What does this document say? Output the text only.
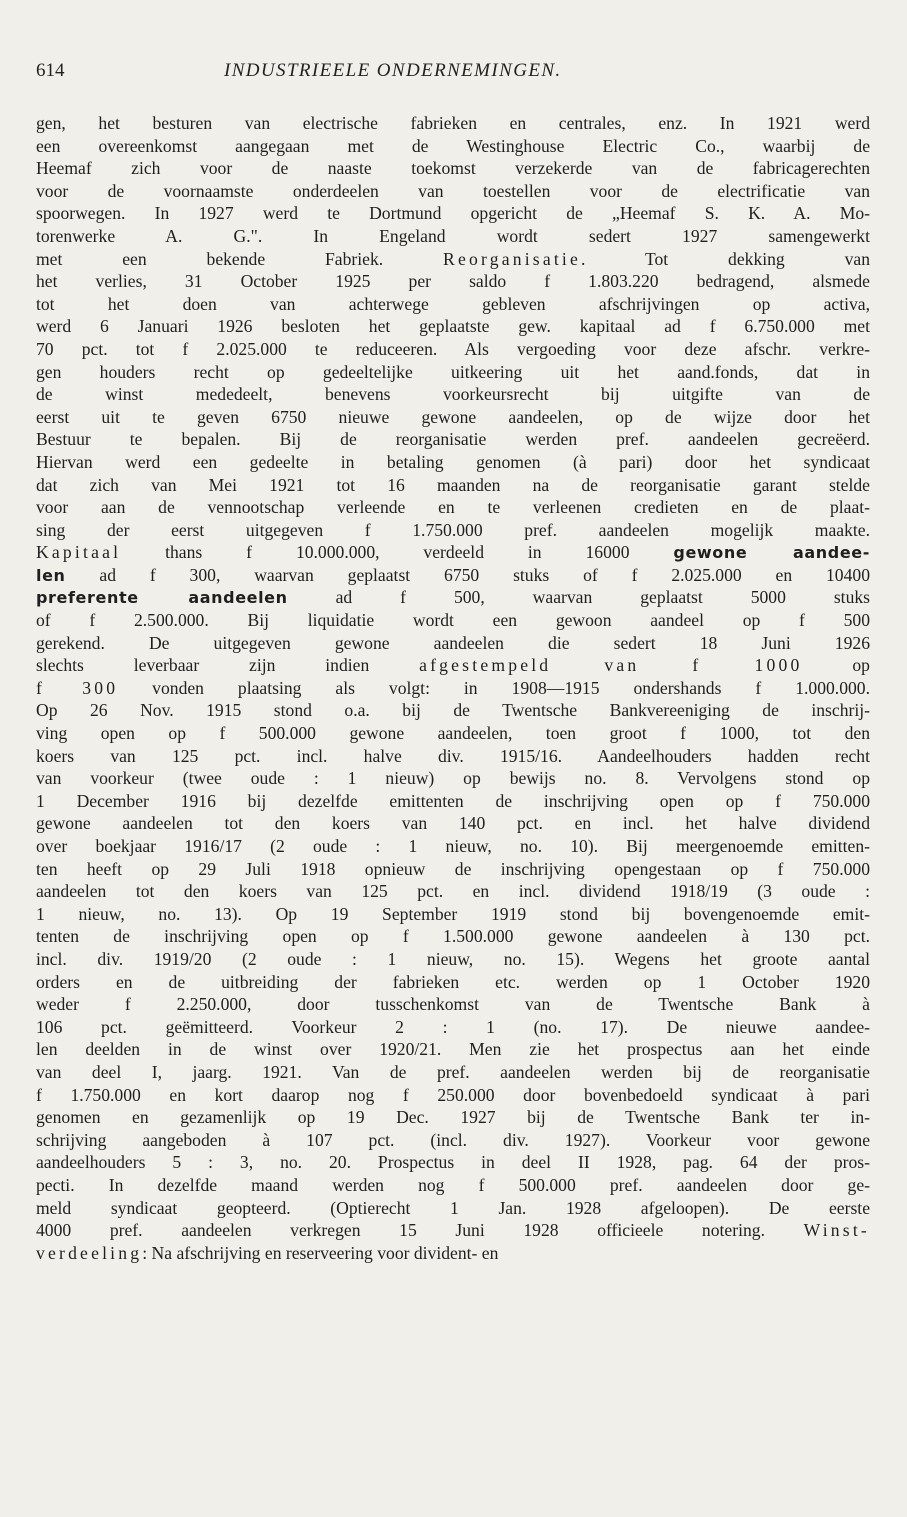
614	INDUSTRIEELE ONDERNEMINGEN.
gen, het besturen van electrische fabrieken en centrales, enz. In 1921 werd
een overeenkomst aangegaan met de Westinghouse Electric Co., waarbij de
Heemaf zich voor de naaste toekomst verzekerde van de fabricagerechten
voor de voornaamste onderdeelen van toestellen voor de electrificatie van
spoorwegen. In 1927 werd te Dortmund opgericht de „Heemaf S. K. A. Mo-
torenwerke A. G.". In Engeland wordt sedert 1927 samengewerkt
met een bekende Fabriek. Reorganisatie. Tot dekking van
het verlies, 31 October 1925 per saldo f 1.803.220 bedragend, alsmede
tot het doen van achterwege gebleven afschrijvingen op activa,
werd 6 Januari 1926 besloten het geplaatste gew. kapitaal ad f 6.750.000 met
70 pct. tot f 2.025.000 te reduceeren. Als vergoeding voor deze afschr. verkre-
gen houders recht op gedeeltelijke uitkeering uit het aand.fonds, dat in
de winst mededeelt, benevens voorkeursrecht bij uitgifte van de
eerst uit te geven 6750 nieuwe gewone aandeelen, op de wijze door het
Bestuur te bepalen. Bij de reorganisatie werden pref. aandeelen gecreëerd.
Hiervan werd een gedeelte in betaling genomen (à pari) door het syndicaat
dat zich van Mei 1921 tot 16 maanden na de reorganisatie garant stelde
voor aan de vennootschap verleende en te verleenen credieten en de plaat-
sing der eerst uitgegeven f 1.750.000 pref. aandeelen mogelijk maakte.
Kapitaal thans f 10.000.000, verdeeld in 16000 gewone aandee-
len ad f 300, waarvan geplaatst 6750 stuks of f 2.025.000 en 10400
preferente aandeelen ad f 500, waarvan geplaatst 5000 stuks
of f 2.500.000. Bij liquidatie wordt een gewoon aandeel op f 500
gerekend. De uitgegeven gewone aandeelen die sedert 18 Juni 1926
slechts leverbaar zijn indien afgestempeld van f 1000 op
f 300 vonden plaatsing als volgt: in 1908—1915 ondershands f 1.000.000.
Op 26 Nov. 1915 stond o.a. bij de Twentsche Bankvereeniging de inschrij-
ving open op f 500.000 gewone aandeelen, toen groot f 1000, tot den
koers van 125 pct. incl. halve div. 1915/16. Aandeelhouders hadden recht
van voorkeur (twee oude : 1 nieuw) op bewijs no. 8. Vervolgens stond op
1 December 1916 bij dezelfde emittenten de inschrijving open op f 750.000
gewone aandeelen tot den koers van 140 pct. en incl. het halve dividend
over boekjaar 1916/17 (2 oude : 1 nieuw, no. 10). Bij meergenoemde emitten-
ten heeft op 29 Juli 1918 opnieuw de inschrijving opengestaan op f 750.000
aandeelen tot den koers van 125 pct. en incl. dividend 1918/19 (3 oude :
1 nieuw, no. 13). Op 19 September 1919 stond bij bovengenoemde emit-
tenten de inschrijving open op f 1.500.000 gewone aandeelen à 130 pct.
incl. div. 1919/20 (2 oude : 1 nieuw, no. 15). Wegens het groote aantal
orders en de uitbreiding der fabrieken etc. werden op 1 October 1920
weder f 2.250.000, door tusschenkomst van de Twentsche Bank à
106 pct. geëmitteerd. Voorkeur 2 : 1 (no. 17). De nieuwe aandee-
len deelden in de winst over 1920/21. Men zie het prospectus aan het einde
van deel I, jaarg. 1921. Van de pref. aandeelen werden bij de reorganisatie
f 1.750.000 en kort daarop nog f 250.000 door bovenbedoeld syndicaat à pari
genomen en gezamenlijk op 19 Dec. 1927 bij de Twentsche Bank ter in-
schrijving aangeboden à 107 pct. (incl. div. 1927). Voorkeur voor gewone
aandeelhouders 5 : 3, no. 20. Prospectus in deel II 1928, pag. 64 der pros-
pecti. In dezelfde maand werden nog f 500.000 pref. aandeelen door ge-
meld syndicaat geopteerd. (Optierecht 1 Jan. 1928 afgeloopen). De eerste
4000 pref. aandeelen verkregen 15 Juni 1928 officieele notering. Winst-
verdeeling: Na afschrijving en reserveering voor divident- en
